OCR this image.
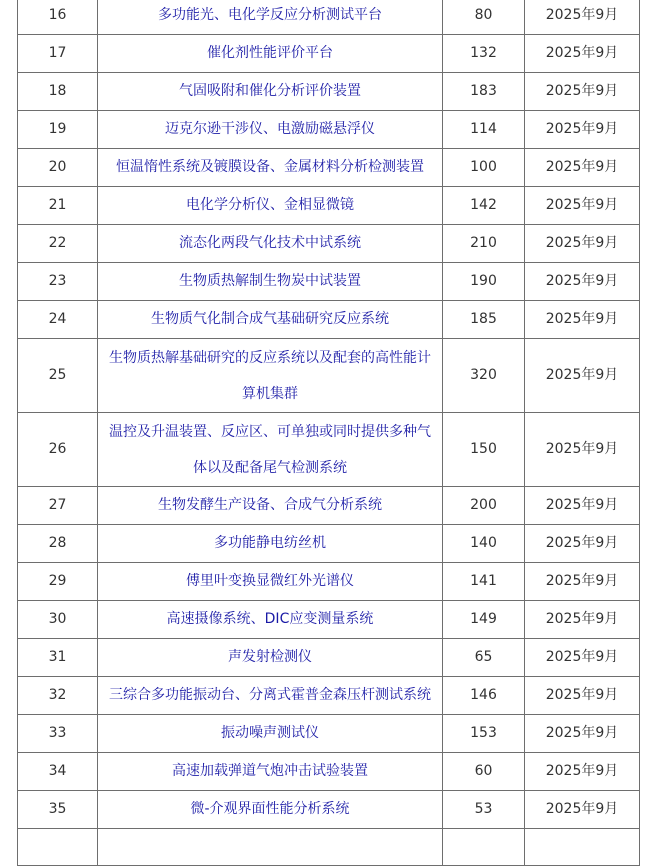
16	多功能光、电化学反应分析测试平台	80	2025年9月
17	催化剂性能评价平台	132	2025年9月
18	气固吸附和催化分析评价装置	183	2025年9月
19	迈克尔逊干涉仪、电激励磁悬浮仪	114	2025年9月
20	恒温惰性系统及镀膜设备、金属材料分析检测装置	100	2025年9月
21	电化学分析仪、金相显微镜	142	2025年9月
22	流态化两段气化技术中试系统	210	2025年9月
23	生物质热解制生物炭中试装置	190	2025年9月
24	生物质气化制合成气基础研究反应系统	185	2025年9月
25	生物质热解基础研究的反应系统以及配套的高性能计算机集群	320	2025年9月
26	温控及升温装置、反应区、可单独或同时提供多种气体以及配备尾气检测系统	150	2025年9月
27	生物发酵生产设备、合成气分析系统	200	2025年9月
28	多功能静电纺丝机	140	2025年9月
29	傅里叶变换显微红外光谱仪	141	2025年9月
30	高速摄像系统、DIC应变测量系统	149	2025年9月
31	声发射检测仪	65	2025年9月
32	三综合多功能振动台、分离式霍普金森压杆测试系统	146	2025年9月
33	振动噪声测试仪	153	2025年9月
34	高速加载弹道气炮冲击试验装置	60	2025年9月
35	微-介观界面性能分析系统	53	2025年9月
